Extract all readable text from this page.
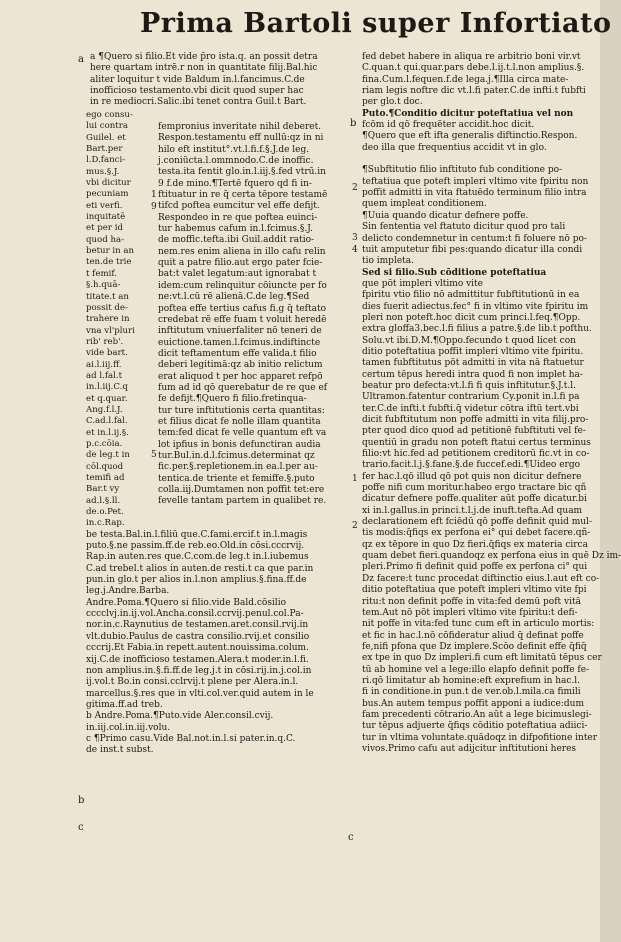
Prima Bartoli super Infortiato
a
b
b
c
c
1
9
2
3
4
5
1
2
a ¶Quero si filio.Et vide p̄ro ista.q. an possit detra
here quartam intrē.r non in quantitate filij.Bal.hic
aliter loquitur t vide Baldum in.l.fancimus.C.de
inofficioso testamento.vbi dicit quod super hac
in re mediocri.Salic.ibi tenet contra Guil.t Bart.
ego consu-
lui contra
Guilel. et
Bart.per
l.D.fanci-
mus.§.J.
vbi dicitur
pecuniam
eti verfi.
inquitatē
et per id
quod ha-
betur in an
ten.de trie
t femif.
§.h.quā-
titate.t an
possit de-
trahere in
vna vl'pluri
rib' reb'.
vide bart.
ai.l.iij.ff.
ad l.fal.t
in.l.iij.C.q
et q.quar.
Ang.f.l.J.
C.ad.l.fal.
et in.l.ij.§.
p.c.cōia.
de leg.t in
cōl.quod
temifi ad
Bar.t vy
ad.l.§.ll.
de.o.Pet.
in.c.Rap.
be testa.Bal.in.l.filiū que.C.fami.ercif.t in.l.magis
puto.§.ne passim.ff.de reb.eo.Old.in cōsi.cccrvij.
Rap.in auten.res que.C.com.de leg.t in.l.iubemus
C.ad trebel.t alios in auten.de resti.t ca que par.in
pun.in glo.t per alios in.l.non amplius.§.fina.ff.de
leg.j.Andre.Barba.
Andre.Poma.¶Quero si filio.vide Bald.cōsilio
cccclvj.in.ij.vol.Ancha.consil.ccrvij.penul.col.Pa-
nor.in.c.Raynutius de testamen.aret.consil.rvij.in
vlt.dubio.Paulus de castra consilio.rvij.et consilio
cccrij.Et Fabia.in repett.autent.nouissima.colum.
xij.C.de inofficioso testamen.Alera.t moder.in.l.fi.
non amplius.in.§.fi.ff.de leg.j.t in cōsi.rij.in.j.col.in
ij.vol.t Bo.in consi.cclrvij.t plene per Alera.in.l.
marcellus.§.res que in vlti.col.ver.quid autem in le
gitima.ff.ad treb.
b Andre.Poma.¶Puto.vide Aler.consil.cvij.
in.iij.col.in.iij.volu.
c ¶Primo casu.Vide Bal.not.in.l.si pater.in.q.C.
de inst.t subst.
fempronius inveritate nihil deberet.
Respon.testamentu eff nullū:qz in ni
hilo eft institut°.vt.l.fi.f.§.J.de leg.
j.coniūcta.l.ommnodo.C.de inoffic.
testa.ita fentit glo.in.l.iij.§.fed vtrū.in
9 f.de mino.¶Tertē fquero qd fi in-
ftituatur in re q̄ certa tēpore testamē
tifcd poftea eumcitur vel effe defijt.
Respondeo in re que poftea euinci-
tur habemus cafum in.l.fcimus.§.J.
de moffic.tefta.ibi Guil.addit ratio-
nem.res enim aliena in illo cafu relin
quit a patre filio.aut ergo pater fcie-
bat:t valet legatum:aut ignorabat t
idem:cum relinquitur cōiuncte per fo
ne:vt.l.cū rē alienā.C.de leg.¶Sed
poftea effe tertius cafus fi.g q̄ teftato
credebat rē effe fuam t voluit heredē
inftitutum vniuerfaliter nō teneri de
euictione.tamen.l.fcimus.indiftincte
dicit teftamentum effe valida.t filio
deberi legitimā:qz ab initio relictum
erat aliquod t per hoc apparet refpō
fum ad id qō querebatur de re que ef
fe defijt.¶Quero fi filio.fretinqua-
tur ture inftitutionis certa quantitas:
et filius dicat fe nolle illam quantita
tem:fed dicat fe velle quantum eft va
lot ipfius in bonis defunctiran audia
tur.Bul.in.d.l.fcimus.determinat qz
fic.per.§.repletionem.in ea.l.per au-
tentica.de triente et femiffe.§.puto
colla.iij.Dumtamen non poffit tet:ere
fevelle tantam partem in qualibet re.
fed debet habere in aliqua re arbitrio boni vir.vt
C.quan.t qui.quar.pars debe.l.ij.t.l.non amplius.§.
fina.Cum.l.fequen.f.de lega.j.¶Illa circa mate-
riam legis noftre dic vt.l.fi pater.C.de infti.t fubfti
per glo.t doc.
Puto.¶Conditio dicitur poteftatiua vel non
fcōm id qō frequēter accidit.hoc dicit.
¶Quero que eft ifta generalis diftinctio.Respon.
deo illa que frequentius accidit vt in glo.
¶Subftitutio filio inftituto fub conditione po-
teftatiua que poteft impleri vltimo vite fpiritu non
poffit admitti in vita ftatuēdo terminum filio intra
quem impleat conditionem.
¶Uuia quando dicatur defnere poffe.
Sin fententia vel ftatuto dicitur quod pro tali
delicto condemnetur in centum:t fi foluere nō po-
tuit amputetur fibi pes:quando dicatur illa condi
tio impleta.
Sed si filio.Sub cōditione poteftatiua
que pōt impleri vltimo vite
fpiritu vtio filio nō admittitur fubftitutionū in ea
dies fuerit adiectus.fec° fi in vltimo vite fpiritu im
pleri non poteft.hoc dicit cum princi.l.feq.¶Opp.
extra gloffa3.bec.l.fi filius a patre.§.de lib.t pofthu.
Solu.vt ibi.D.M.¶Oppo.fecundo t quod licet con
ditio poteftatiua poffit impleri vltimo vite fpiritu.
tamen fubftitutus pōt admitti in vita nā ftatuetur
certum tēpus heredi intra quod fi non implet ha-
beatur pro defecta:vt.l.fi fi quis inftitutur.§.J.t.l.
Ultramon.fatentur contrarium Cy.ponit in.l.fi pa
ter.C.de infti.t fubfti.q̄ videtur cōtra iftū tert.vbi
dicit fubftitutum non poffe admitti in vita filij.pro-
pter quod dico quod ad petitionē fubftituti vel fe-
quentiū in gradu non poteft ftatui certus terminus
filio:vt hic.fed ad petitionem creditorū fic.vt in co-
trario.facit.l.j.§.fane.§.de fuccef.edi.¶Uideo ergo
fer hac.l.qō illud qō pot quis non dicitur defnere
poffe nifi cum moritur.habeo ergo tractare bic qñ
dicatur defnere poffe.qualiter aūt poffe dicatur.bi
xi in.l.gallus.in princi.t.l.j.de inuft.tefta.Ad quam
declarationem eft fciēdū qō poffe definit quid mul-
tis modis:q̄fiqs ex perfona ei° qui debet facere.qñ-
qz ex tēpore in quo Dz fieri.q̄fiqs ex materia circa
quam debet fieri.quandoqz ex perfona eius in quē Dz im-
pleri.Primo fi definit quid poffe ex perfona ci° qui
Dz facere:t tunc procedat diftinctio eius.l.aut eft co-
ditio poteftatiua que poteft impleri vltimo vite fpi
ritu:t non definit poffe in vita:fed demū poft vitā
tem.Aut nō pōt impleri vltimo vite fpiritu:t defi-
nit poffe in vita:fed tunc cum eft in articulo mortis:
et fic in hac.l.nō cōfideratur aliud q̄ definat poffe
fe,nifi pfona que Dz implere.Scōo definit effe q̄fiq̄
ex tpe in quo Dz impleri.fi cum eft limitatū tēpus cer
tū ab homine vel a lege:illo elapfo definit poffe fe-
ri.qō limitatur ab homine:eft exprefium in hac.l.
fi in conditione.in pun.t de ver.ob.l.mila.ca fimili
bus.An autem tempus poffit apponi a iudice:dum
fam precedenti cōtrario.An aūt a lege bicimuslegi-
tur tēpus adjuerte q̄fiqs cōditio poteftatiua adiici-
tur in vltima voluntate.quādoqz in difpofitione inter
vivos.Primo cafu aut adijcitur inftitutioni heres
